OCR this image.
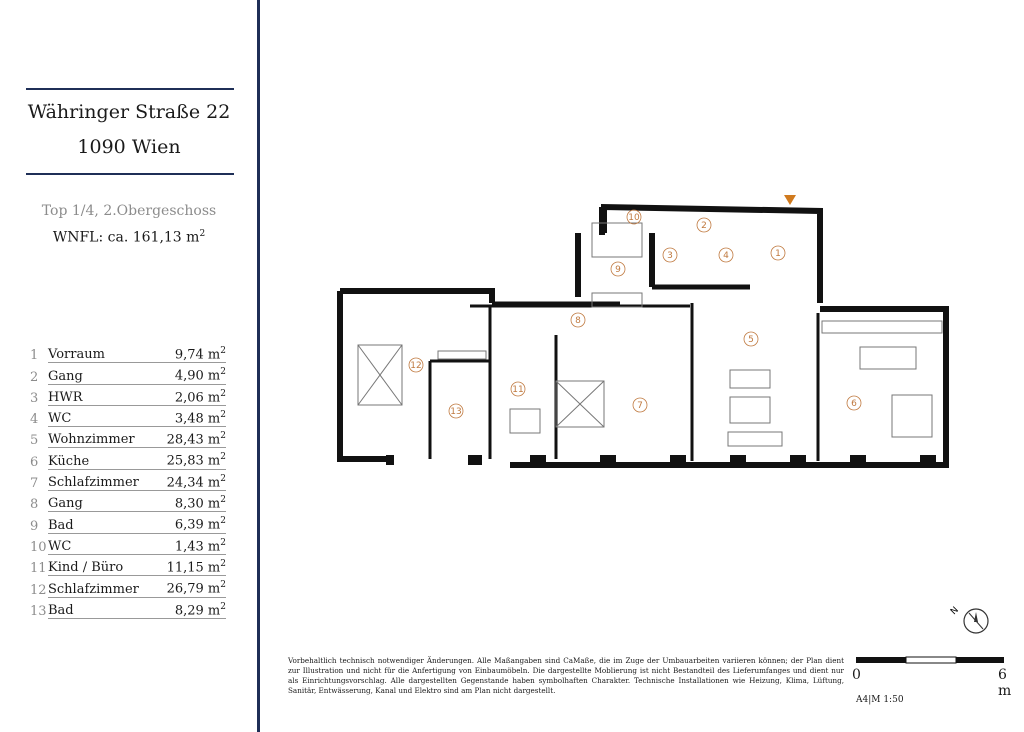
Währinger Straße 22
1090 Wien
Top 1/4, 2.Obergeschoss
WNFL: ca. 161,13 $m^2$
1 Vorraum	9,74 $m^2$
2 Gang	4,90 $m^2$
3 HWR	2,06 $m^2$
4 WC	3,48 $m^2$
5 Wohnzimmer	28,43 $m^2$
6 Küche	25,83 $m^2$
7 Schlafzimmer	24,34 $m^2$
8 Gang	8,30 $m^2$
9 Bad	6,39 $m^2$
10 WC	1,43 $m^2$
11 Kind / Büro	11,15 $m^2$
12 Schlafzimmer	26,79 $m^2$
13 Bad	8,29 $m^2$
1
2
3	4
5
6
7
8
9
10
11
12
13
Vorbehaltlich technisch notwendiger Änderungen. Alle Maßangaben sind CaMaße, die im Zuge der Umbauarbeiten variieren können; der Plan dient zur Illustration und nicht für die Anfertigung von Einbaumöbeln. Die dargestellte Moblierung ist nicht Bestandteil des Lieferumfanges und dient nur als Einrichtungsvorschlag. Alle dargestellten Gegenstande haben symbolhaften Charakter. Technische Installationen wie Heizung, Klima, Lüftung, Sanitär, Entwässerung, Kanal und Elektro sind am Plan nicht dargestellt.
N
0	6 m
A4|M 1:50
